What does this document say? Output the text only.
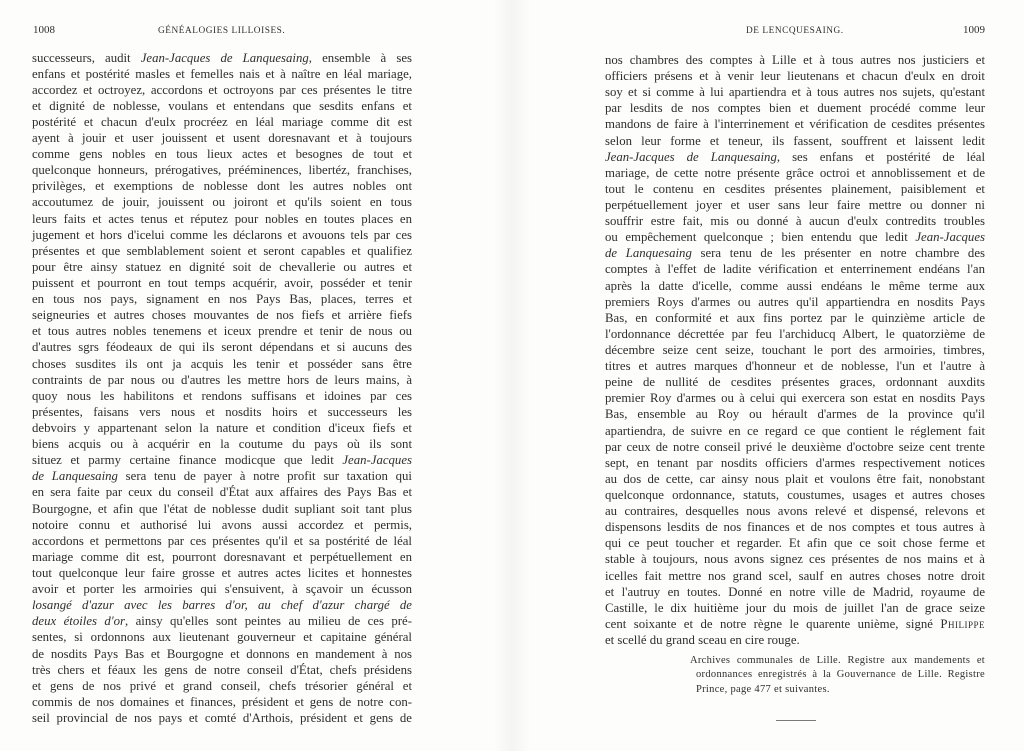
1008	GÉNÉALOGIES LILLOISES.
successeurs, audit Jean-Jacques de Lanquesaing, ensemble à ses
enfans et postérité masles et femelles nais et à naître en léal mariage,
accordez et octroyez, accordons et octroyons par ces présentes le titre
et dignité de noblesse, voulans et entendans que sesdits enfans et
postérité et chacun d'eulx procréez en léal mariage comme dit est
ayent à jouir et user jouissent et usent doresnavant et à toujours
comme gens nobles en tous lieux actes et besognes de tout et
quelconque honneurs, prérogatives, prééminences, libertéz, franchises,
privilèges, et exemptions de noblesse dont les autres nobles ont
accoutumez de jouir, jouissent ou joiront et qu'ils soient en tous
leurs faits et actes tenus et réputez pour nobles en toutes places en
jugement et hors d'icelui comme les déclarons et avouons tels par ces
présentes et que semblablement soient et seront capables et qualifiez
pour être ainsy statuez en dignité soit de chevallerie ou autres et
puissent et pourront en tout temps acquérir, avoir, posséder et tenir
en tous nos pays, signament en nos Pays Bas, places, terres et
seigneuries et autres choses mouvantes de nos fiefs et arrière fiefs
et tous autres nobles tenemens et iceux prendre et tenir de nous ou
d'autres sgrs féodeaux de qui ils seront dépendans et si aucuns des
choses susdites ils ont ja acquis les tenir et posséder sans être
contraints de par nous ou d'autres les mettre hors de leurs mains, à
quoy nous les habilitons et rendons suffisans et idoines par ces
présentes, faisans vers nous et nosdits hoirs et successeurs les
debvoirs y appartenant selon la nature et condition d'iceux fiefs et
biens acquis ou à acquérir en la coutume du pays où ils sont
situez et parmy certaine finance modicque que ledit Jean-Jacques
de Lanquesaing sera tenu de payer à notre profit sur taxation qui
en sera faite par ceux du conseil d'État aux affaires des Pays Bas et
Bourgogne, et afin que l'état de noblesse dudit supliant soit tant plus
notoire connu et authorisé lui avons aussi accordez et permis,
accordons et permettons par ces présentes qu'il et sa postérité de léal
mariage comme dit est, pourront doresnavant et perpétuellement en
tout quelconque leur faire grosse et autres actes licites et honnestes
avoir et porter les armoiries qui s'ensuivent, à sçavoir un écusson
losangé d'azur avec les barres d'or, au chef d'azur chargé de
deux étoiles d'or, ainsy qu'elles sont peintes au milieu de ces pré-
sentes, si ordonnons aux lieutenant gouverneur et capitaine général
de nosdits Pays Bas et Bourgogne et donnons en mandement à nos
très chers et féaux les gens de notre conseil d'État, chefs présidens
et gens de nos privé et grand conseil, chefs trésorier général et
commis de nos domaines et finances, président et gens de notre con-
seil provincial de nos pays et comté d'Arthois, président et gens de
DE LENCQUESAING.	1009
nos chambres des comptes à Lille et à tous autres nos justiciers et
officiers présens et à venir leur lieutenans et chacun d'eulx en droit
soy et si comme à lui apartiendra et à tous autres nos sujets, qu'estant
par lesdits de nos comptes bien et duement procédé comme leur
mandons de faire à l'interrinement et vérification de cesdites présentes
selon leur forme et teneur, ils fassent, souffrent et laissent ledit
Jean-Jacques de Lanquesaing, ses enfans et postérité de léal
mariage, de cette notre présente grâce octroi et annoblissement et de
tout le contenu en cesdites présentes plainement, paisiblement et
perpétuellement joyer et user sans leur faire mettre ou donner ni
souffrir estre fait, mis ou donné à aucun d'eulx contredits troubles
ou empêchement quelconque ; bien entendu que ledit Jean-Jacques
de Lanquesaing sera tenu de les présenter en notre chambre des
comptes à l'effet de ladite vérification et enterrinement endéans l'an
après la datte d'icelle, comme aussi endéans le même terme aux
premiers Roys d'armes ou autres qu'il appartiendra en nosdits Pays
Bas, en conformité et aux fins portez par le quinzième article de
l'ordonnance décrettée par feu l'archiducq Albert, le quatorzième de
décembre seize cent seize, touchant le port des armoiries, timbres,
titres et autres marques d'honneur et de noblesse, l'un et l'autre à
peine de nullité de cesdites présentes graces, ordonnant auxdits
premier Roy d'armes ou à celui qui exercera son estat en nosdits Pays
Bas, ensemble au Roy ou hérault d'armes de la province qu'il
apartiendra, de suivre en ce regard ce que contient le réglement fait
par ceux de notre conseil privé le deuxième d'octobre seize cent trente
sept, en tenant par nosdits officiers d'armes respectivement notices
au dos de cette, car ainsy nous plait et voulons être fait, nonobstant
quelconque ordonnance, statuts, coustumes, usages et autres choses
au contraires, desquelles nous avons relevé et dispensé, relevons et
dispensons lesdits de nos finances et de nos comptes et tous autres à
qui ce peut toucher et regarder. Et afin que ce soit chose ferme et
stable à toujours, nous avons signez ces présentes de nos mains et à
icelles fait mettre nos grand scel, saulf en autres choses notre droit
et l'autruy en toutes. Donné en notre ville de Madrid, royaume de
Castille, le dix huitième jour du mois de juillet l'an de grace seize
cent soixante et de notre règne le quarente unième, signé Philippe
et scellé du grand sceau en cire rouge.
Archives communales de Lille. Registre aux mandements et
ordonnances enregistrés à la Gouvernance de Lille. Registre
Prince, page 477 et suivantes.
